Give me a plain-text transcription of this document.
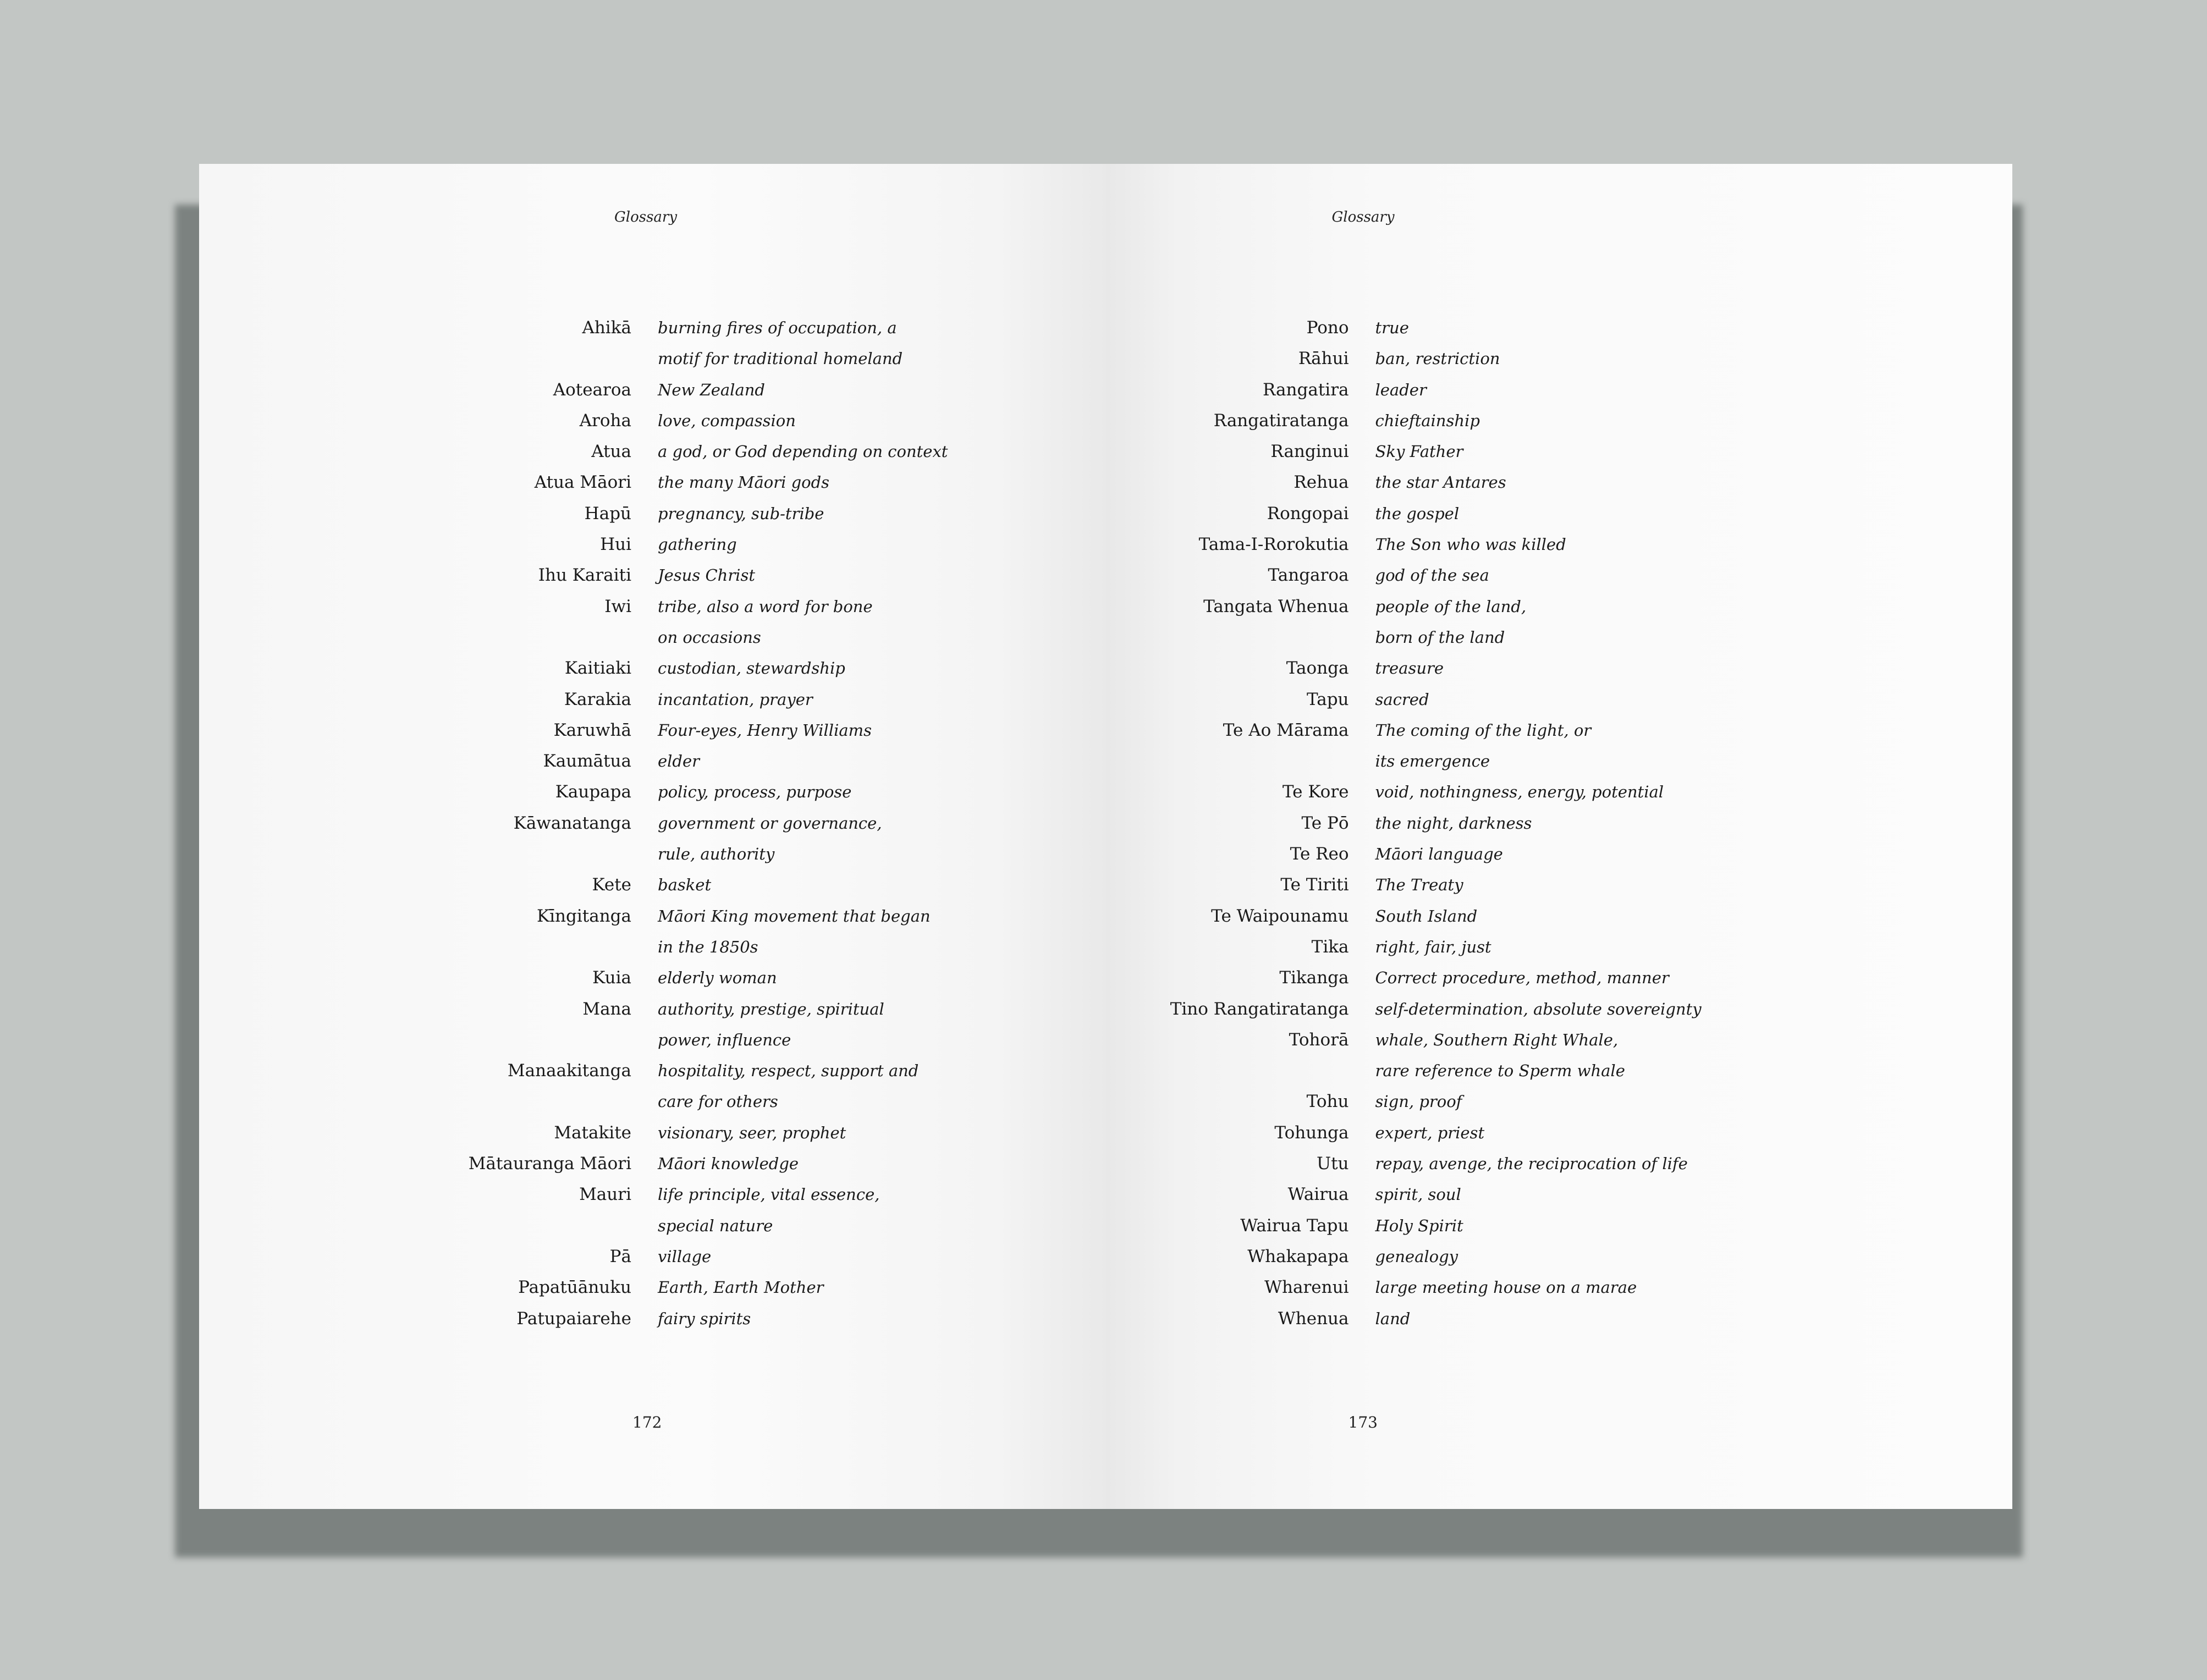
Glossary
Ahikā burning fires of occupation, a
motif for traditional homeland
Aotearoa New Zealand
Aroha love, compassion
Atua a god, or God depending on context
Atua Māori the many Māori gods
Hapū pregnancy, sub-tribe
Hui gathering
Ihu Karaiti Jesus Christ
Iwi tribe, also a word for bone
on occasions
Kaitiaki custodian, stewardship
Karakia incantation, prayer
Karuwhā Four-eyes, Henry Williams
Kaumātua elder
Kaupapa policy, process, purpose
Kāwanatanga government or governance,
rule, authority
Kete basket
Kīngitanga Māori King movement that began
in the 1850s
Kuia elderly woman
Mana authority, prestige, spiritual
power, influence
Manaakitanga hospitality, respect, support and
care for others
Matakite visionary, seer, prophet
Mātauranga Māori Māori knowledge
Mauri life principle, vital essence,
special nature
Pā village
Papatūānuku Earth, Earth Mother
Patupaiarehe fairy spirits
172
Glossary
Pono true
Rāhui ban, restriction
Rangatira leader
Rangatiratanga chieftainship
Ranginui Sky Father
Rehua the star Antares
Rongopai the gospel
Tama-I-Rorokutia The Son who was killed
Tangaroa god of the sea
Tangata Whenua people of the land,
born of the land
Taonga treasure
Tapu sacred
Te Ao Mārama The coming of the light, or
its emergence
Te Kore void, nothingness, energy, potential
Te Pō the night, darkness
Te Reo Māori language
Te Tiriti The Treaty
Te Waipounamu South Island
Tika right, fair, just
Tikanga Correct procedure, method, manner
Tino Rangatiratanga self-determination, absolute sovereignty
Tohorā whale, Southern Right Whale,
rare reference to Sperm whale
Tohu sign, proof
Tohunga expert, priest
Utu repay, avenge, the reciprocation of life
Wairua spirit, soul
Wairua Tapu Holy Spirit
Whakapapa genealogy
Wharenui large meeting house on a marae
Whenua land
173
